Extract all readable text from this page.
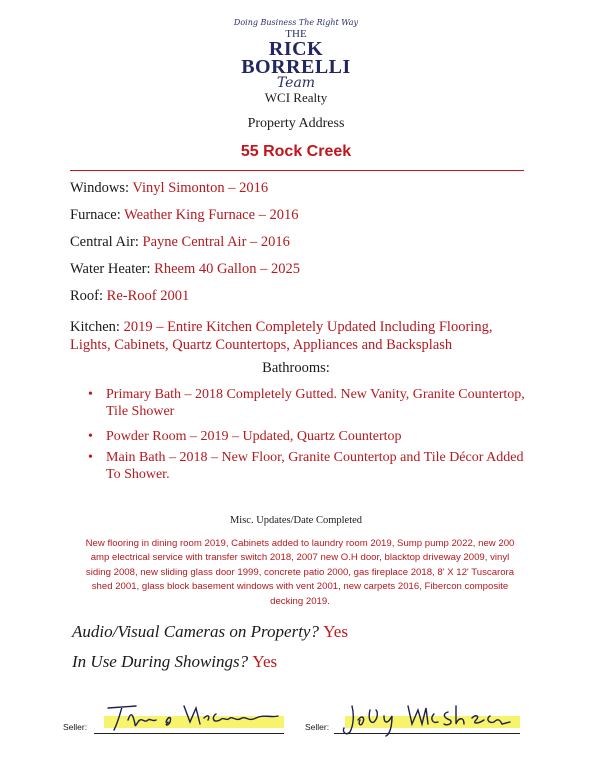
Doing Business The Right Way
THE
RICK
BORRELLI
Team
WCI Realty
Property Address
55 Rock Creek
Windows: Vinyl Simonton – 2016
Furnace: Weather King Furnace – 2016
Central Air: Payne Central Air – 2016
Water Heater: Rheem 40 Gallon – 2025
Roof: Re-Roof 2001
Kitchen: 2019 – Entire Kitchen Completely Updated Including Flooring, Lights, Cabinets, Quartz Countertops, Appliances and Backsplash
Bathrooms:
• Primary Bath – 2018 Completely Gutted. New Vanity, Granite Countertop, Tile Shower
• Powder Room – 2019 – Updated, Quartz Countertop
• Main Bath – 2018 – New Floor, Granite Countertop and Tile Décor Added To Shower.
Misc. Updates/Date Completed
New flooring in dining room 2019, Cabinets added to laundry room 2019, Sump pump 2022, new 200 amp electrical service with transfer switch 2018, 2007 new O.H door, blacktop driveway 2009, vinyl siding 2008, new sliding glass door 1999, concrete patio 2000, gas fireplace 2018, 8' X 12' Tuscarora shed 2001, glass block basement windows with vent 2001, new carpets 2016, Fibercon composite decking 2019.
Audio/Visual Cameras on Property? Yes
In Use During Showings? Yes
Seller:	Seller:
